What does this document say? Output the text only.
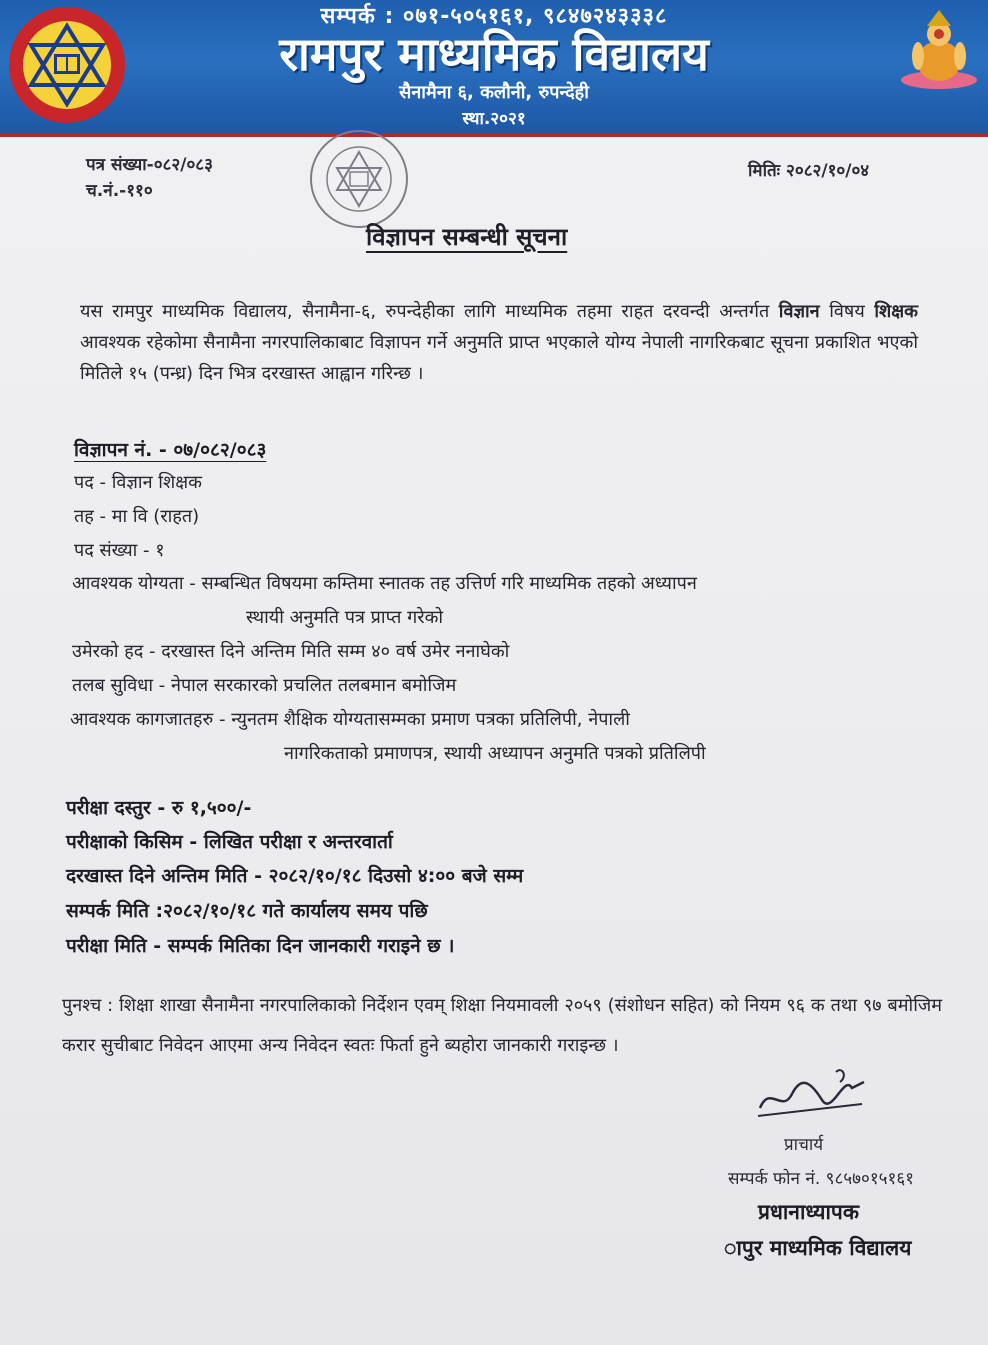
सम्पर्क : ०७१-५०५१६१, ९८४७२४३३३८
रामपुर माध्यमिक विद्यालय
सैनामैना ६, कलौनी, रुपन्देही
स्था.२०२१
पत्र संख्या-०८२/०८३
च.नं.-११०
मितिः २०८२/१०/०४
विज्ञापन सम्बन्धी सूचना
यस रामपुर माध्यमिक विद्यालय, सैनामैना-६, रुपन्देहीका लागि माध्यमिक तहमा राहत दरवन्दी अन्तर्गत विज्ञान विषय शिक्षक आवश्यक रहेकोमा सैनामैना नगरपालिकाबाट विज्ञापन गर्ने अनुमति प्राप्त भएकाले योग्य नेपाली नागरिकबाट सूचना प्रकाशित भएको मितिले १५ (पन्ध्र) दिन भित्र दरखास्त आह्वान गरिन्छ ।
विज्ञापन नं. - ०७/०८२/०८३
पद - विज्ञान शिक्षक
तह - मा वि (राहत)
पद संख्या - १
आवश्यक योग्यता - सम्बन्धित विषयमा कम्तिमा स्नातक तह उत्तिर्ण गरि माध्यमिक तहको अध्यापन
स्थायी अनुमति पत्र प्राप्त गरेको
उमेरको हद - दरखास्त दिने अन्तिम मिति सम्म ४० वर्ष उमेर ननाघेको
तलब सुविधा - नेपाल सरकारको प्रचलित तलबमान बमोजिम
आवश्यक कागजातहरु - न्युनतम शैक्षिक योग्यतासम्मका प्रमाण पत्रका प्रतिलिपी, नेपाली
नागरिकताको प्रमाणपत्र, स्थायी अध्यापन अनुमति पत्रको प्रतिलिपी
परीक्षा दस्तुर - रु १,५००/-
परीक्षाको किसिम - लिखित परीक्षा र अन्तरवार्ता
दरखास्त दिने अन्तिम मिति - २०८२/१०/१८ दिउसो ४:०० बजे सम्म
सम्पर्क मिति :२०८२/१०/१८ गते कार्यालय समय पछि
परीक्षा मिति - सम्पर्क मितिका दिन जानकारी गराइने छ ।
पुनश्च : शिक्षा शाखा सैनामैना नगरपालिकाको निर्देशन एवम् शिक्षा नियमावली २०५९ (संशोधन सहित) को नियम ९६ क तथा ९७ बमोजिम करार सुचीबाट निवेदन आएमा अन्य निवेदन स्वतः फिर्ता हुने ब्यहोरा जानकारी गराइन्छ ।
प्राचार्य
सम्पर्क फोन नं. ९८५७०१५१६१
प्रधानाध्यापक
ापुर माध्यमिक विद्यालय
